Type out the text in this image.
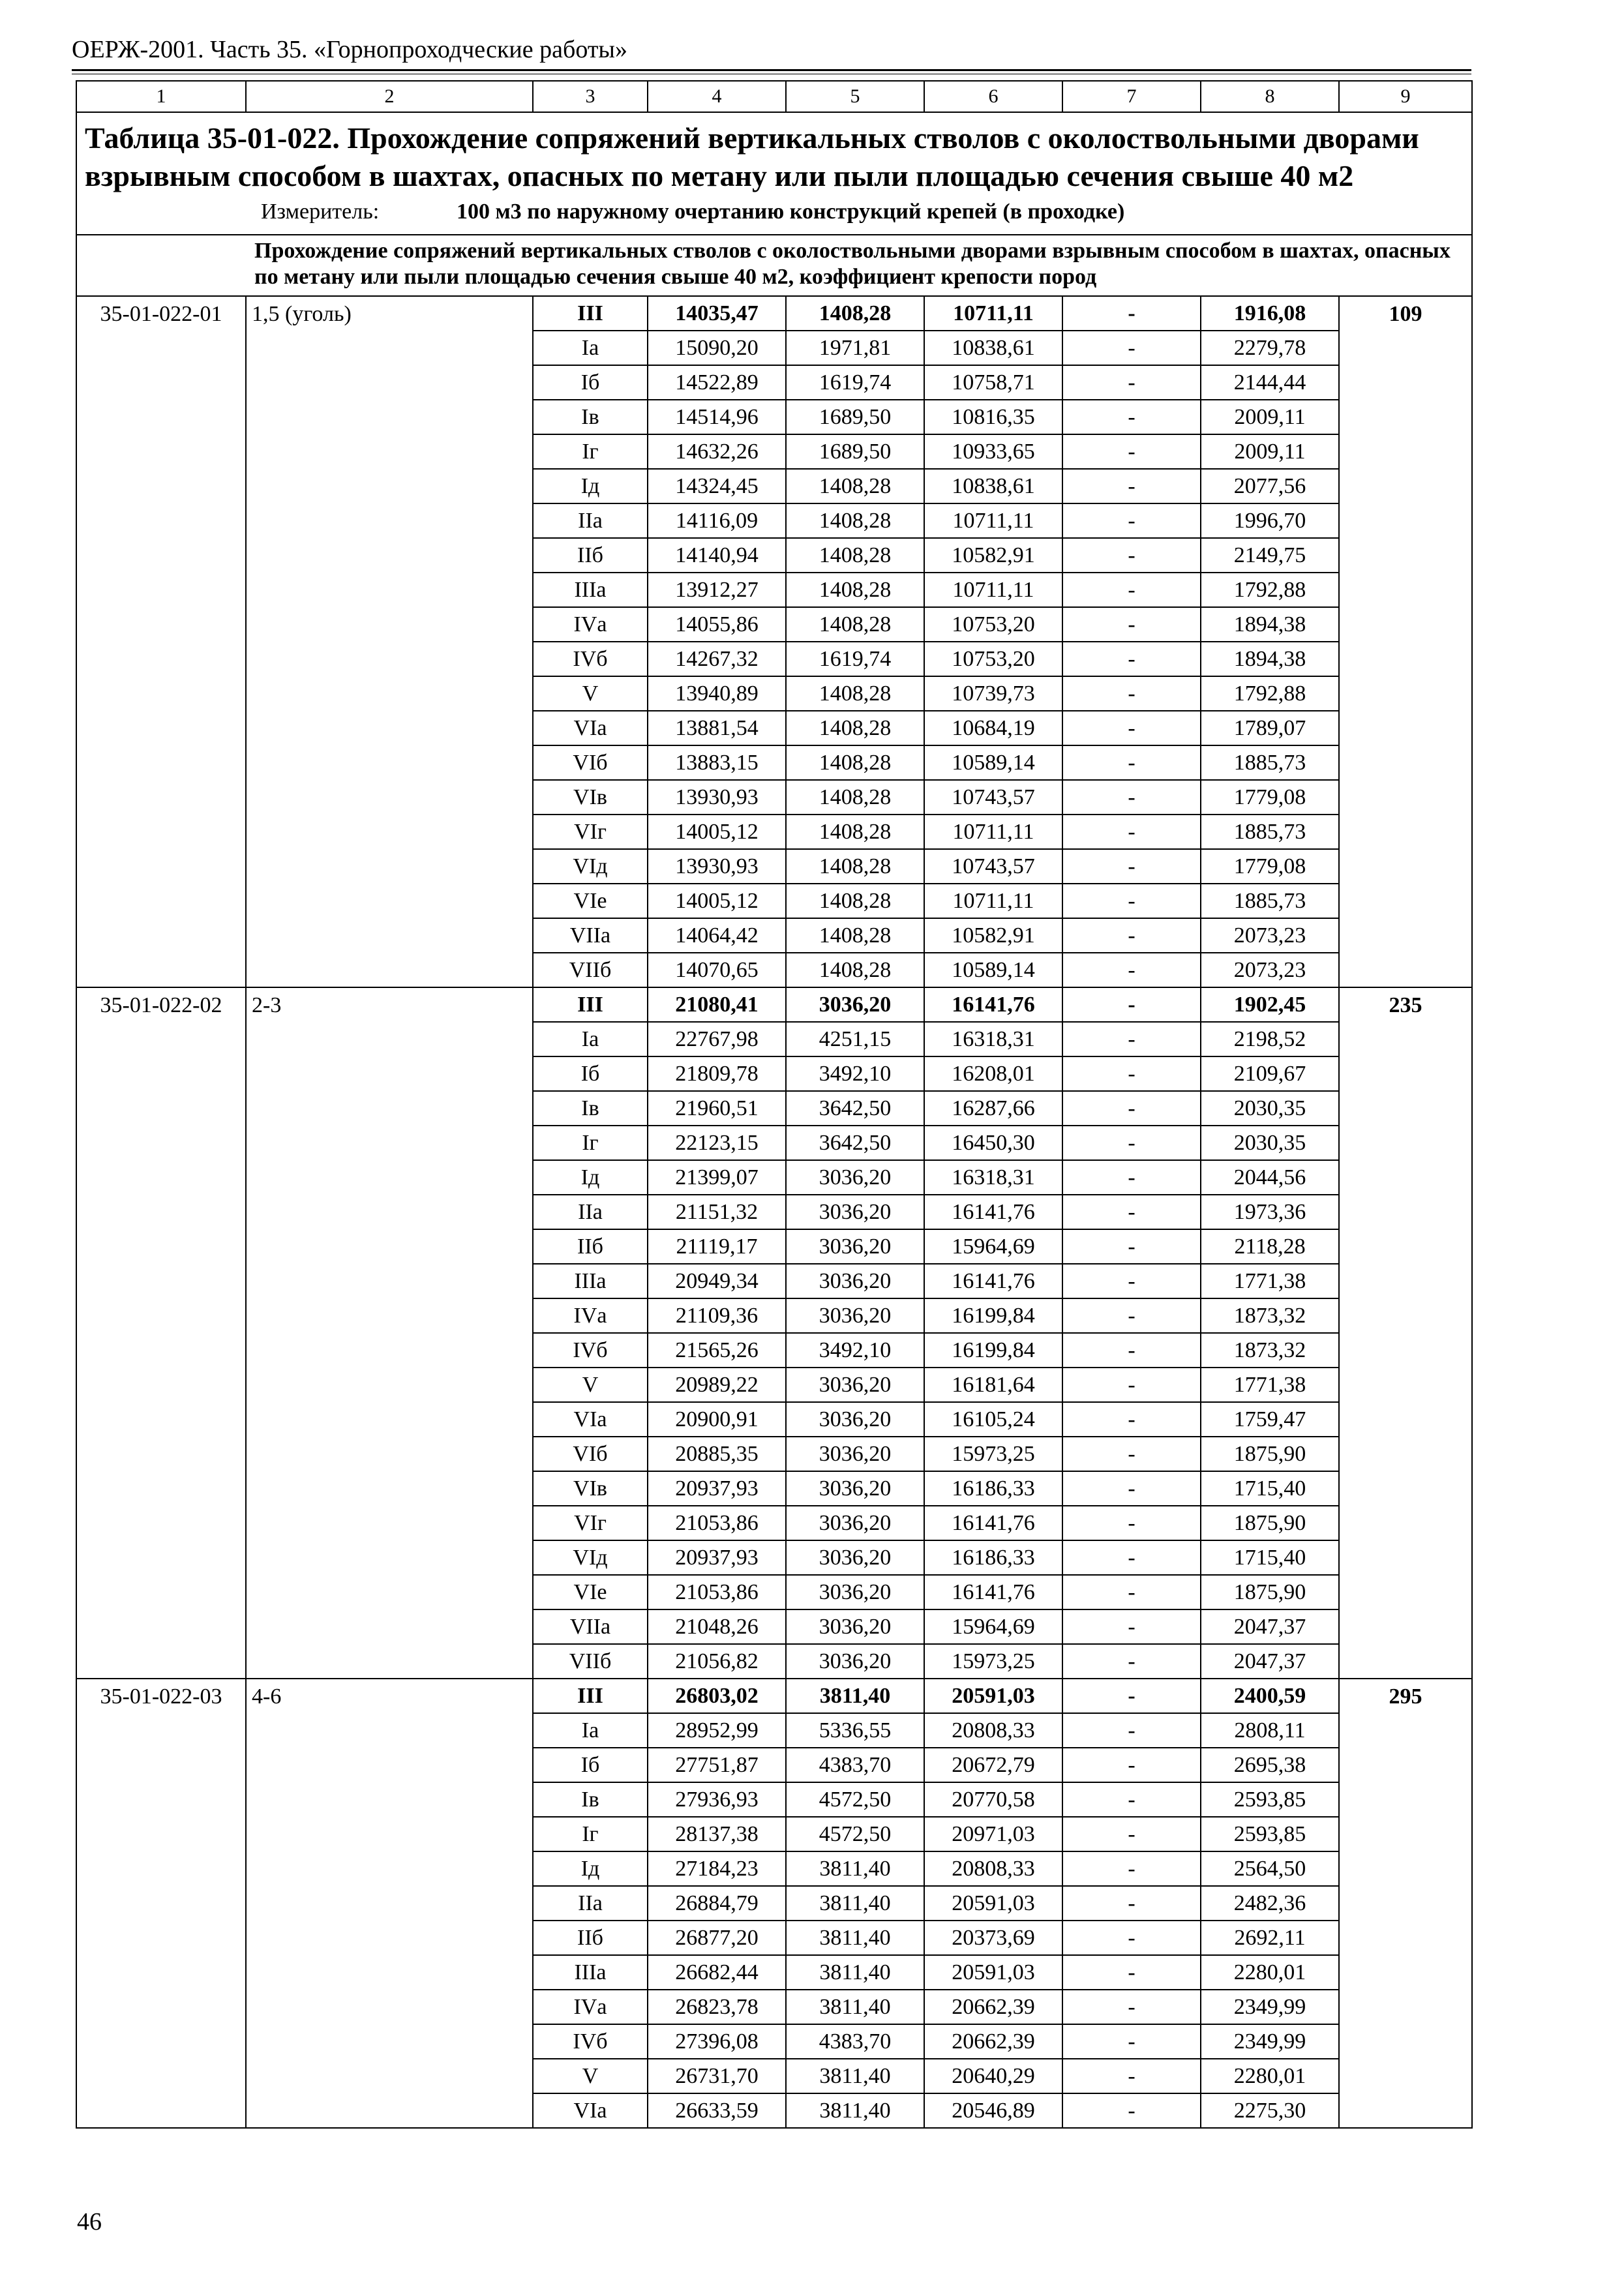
ОЕРЖ-2001. Часть 35. «Горнопроходческие работы»
1	2	3	4	5	6	7	8	9

Таблица 35-01-022. Прохождение сопряжений вертикальных стволов с околоствольными дворами взрывным способом в шахтах, опасных по метану или пыли площадью сечения свыше 40 м2
Измеритель: 100 м3 по наружному очертанию конструкций крепей (в проходке)								

Прохождение сопряжений вертикальных стволов с околоствольными дворами взрывным способом в шахтах, опасных по метану или пыли площадью сечения свыше 40 м2, коэффициент крепости пород								

35-01-022-01	1,5 (уголь)	III	14035,47	1408,28	10711,11	-	1916,08	109
		Iа	15090,20	1971,81	10838,61	-	2279,78	
		Iб	14522,89	1619,74	10758,71	-	2144,44	
		Iв	14514,96	1689,50	10816,35	-	2009,11	
		Iг	14632,26	1689,50	10933,65	-	2009,11	
		Iд	14324,45	1408,28	10838,61	-	2077,56	
		IIа	14116,09	1408,28	10711,11	-	1996,70	
		IIб	14140,94	1408,28	10582,91	-	2149,75	
		IIIа	13912,27	1408,28	10711,11	-	1792,88	
		IVа	14055,86	1408,28	10753,20	-	1894,38	
		IVб	14267,32	1619,74	10753,20	-	1894,38	
		V	13940,89	1408,28	10739,73	-	1792,88	
		VIа	13881,54	1408,28	10684,19	-	1789,07	
		VIб	13883,15	1408,28	10589,14	-	1885,73	
		VIв	13930,93	1408,28	10743,57	-	1779,08	
		VIг	14005,12	1408,28	10711,11	-	1885,73	
		VIд	13930,93	1408,28	10743,57	-	1779,08	
		VIе	14005,12	1408,28	10711,11	-	1885,73	
		VIIа	14064,42	1408,28	10582,91	-	2073,23	
		VIIб	14070,65	1408,28	10589,14	-	2073,23	
35-01-022-02	2-3	III	21080,41	3036,20	16141,76	-	1902,45	235
		Iа	22767,98	4251,15	16318,31	-	2198,52	
		Iб	21809,78	3492,10	16208,01	-	2109,67	
		Iв	21960,51	3642,50	16287,66	-	2030,35	
		Iг	22123,15	3642,50	16450,30	-	2030,35	
		Iд	21399,07	3036,20	16318,31	-	2044,56	
		IIа	21151,32	3036,20	16141,76	-	1973,36	
		IIб	21119,17	3036,20	15964,69	-	2118,28	
		IIIа	20949,34	3036,20	16141,76	-	1771,38	
		IVа	21109,36	3036,20	16199,84	-	1873,32	
		IVб	21565,26	3492,10	16199,84	-	1873,32	
		V	20989,22	3036,20	16181,64	-	1771,38	
		VIа	20900,91	3036,20	16105,24	-	1759,47	
		VIб	20885,35	3036,20	15973,25	-	1875,90	
		VIв	20937,93	3036,20	16186,33	-	1715,40	
		VIг	21053,86	3036,20	16141,76	-	1875,90	
		VIд	20937,93	3036,20	16186,33	-	1715,40	
		VIе	21053,86	3036,20	16141,76	-	1875,90	
		VIIа	21048,26	3036,20	15964,69	-	2047,37	
		VIIб	21056,82	3036,20	15973,25	-	2047,37	
35-01-022-03	4-6	III	26803,02	3811,40	20591,03	-	2400,59	295
		Iа	28952,99	5336,55	20808,33	-	2808,11	
		Iб	27751,87	4383,70	20672,79	-	2695,38	
		Iв	27936,93	4572,50	20770,58	-	2593,85	
		Iг	28137,38	4572,50	20971,03	-	2593,85	
		Iд	27184,23	3811,40	20808,33	-	2564,50	
		IIа	26884,79	3811,40	20591,03	-	2482,36	
		IIб	26877,20	3811,40	20373,69	-	2692,11	
		IIIа	26682,44	3811,40	20591,03	-	2280,01	
		IVа	26823,78	3811,40	20662,39	-	2349,99	
		IVб	27396,08	4383,70	20662,39	-	2349,99	
		V	26731,70	3811,40	20640,29	-	2280,01	
		VIа	26633,59	3811,40	20546,89	-	2275,30	
46
